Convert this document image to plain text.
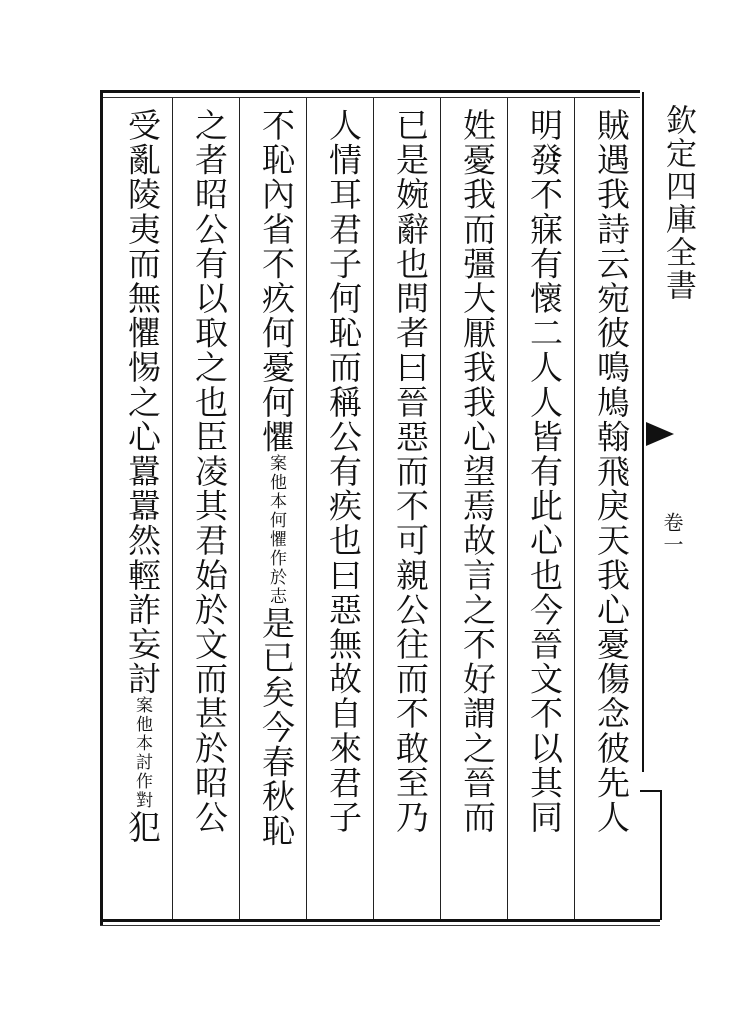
賊遇我詩云宛彼鳴鳩翰飛戾天我心憂傷念彼先人
明發不寐有懷二人人皆有此心也今晉文不以其同
姓憂我而彊大厭我我心望焉故言之不好謂之晉而
已是婉辭也問者曰晉惡而不可親公往而不敢至乃
人情耳君子何恥而稱公有疾也曰惡無故自來君子
不恥內省不疚何憂何懼案他本何懼作於志是已矣今春秋恥
之者昭公有以取之也臣凌其君始於文而甚於昭公
受亂陵夷而無懼惕之心囂囂然輕詐妄討案他本討作對犯
欽定四庫全書
卷一
